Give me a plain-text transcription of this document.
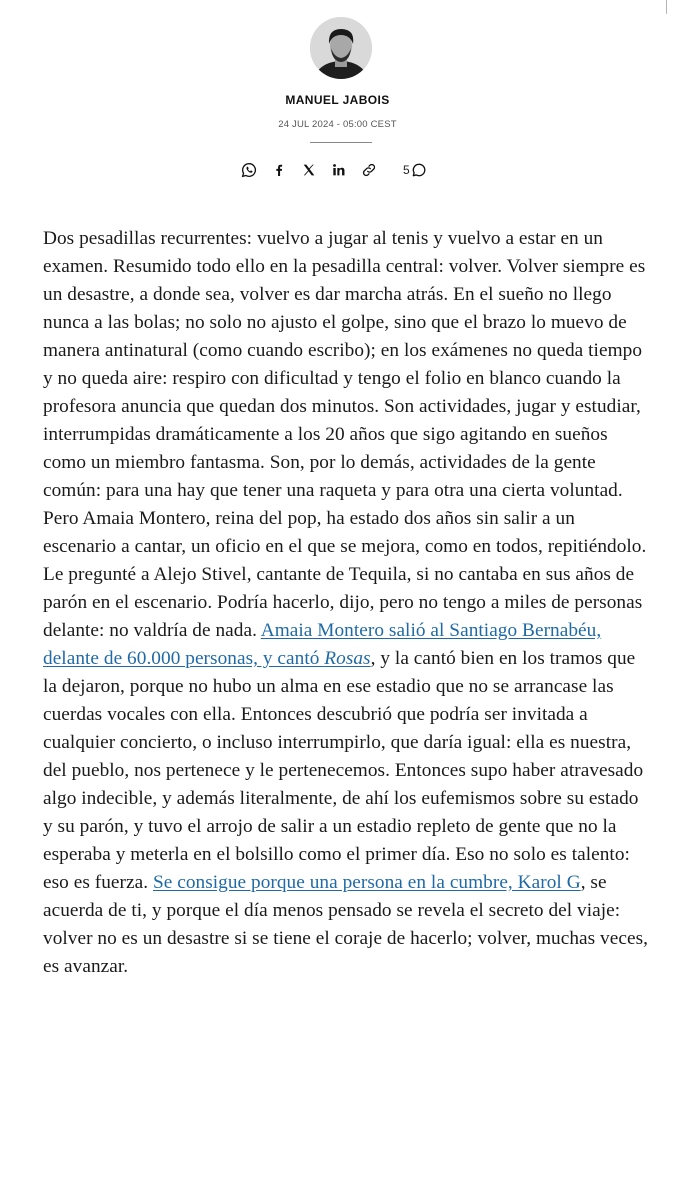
MANUEL JABOIS
24 JUL 2024 - 05:00 CEST
5

Dos pesadillas recurrentes: vuelvo a jugar al tenis y vuelvo a estar en un examen. Resumido todo ello en la pesadilla central: volver. Volver siempre es un desastre, a donde sea, volver es dar marcha atrás. En el sueño no llego nunca a las bolas; no solo no ajusto el golpe, sino que el brazo lo muevo de manera antinatural (como cuando escribo); en los exámenes no queda tiempo y no queda aire: respiro con dificultad y tengo el folio en blanco cuando la profesora anuncia que quedan dos minutos. Son actividades, jugar y estudiar, interrumpidas dramáticamente a los 20 años que sigo agitando en sueños como un miembro fantasma. Son, por lo demás, actividades de la gente común: para una hay que tener una raqueta y para otra una cierta voluntad. Pero Amaia Montero, reina del pop, ha estado dos años sin salir a un escenario a cantar, un oficio en el que se mejora, como en todos, repitiéndolo. Le pregunté a Alejo Stivel, cantante de Tequila, si no cantaba en sus años de parón en el escenario. Podría hacerlo, dijo, pero no tengo a miles de personas delante: no valdría de nada. Amaia Montero salió al Santiago Bernabéu, delante de 60.000 personas, y cantó Rosas, y la cantó bien en los tramos que la dejaron, porque no hubo un alma en ese estadio que no se arrancase las cuerdas vocales con ella. Entonces descubrió que podría ser invitada a cualquier concierto, o incluso interrumpirlo, que daría igual: ella es nuestra, del pueblo, nos pertenece y le pertenecemos. Entonces supo haber atravesado algo indecible, y además literalmente, de ahí los eufemismos sobre su estado y su parón, y tuvo el arrojo de salir a un estadio repleto de gente que no la esperaba y meterla en el bolsillo como el primer día. Eso no solo es talento: eso es fuerza. Se consigue porque una persona en la cumbre, Karol G, se acuerda de ti, y porque el día menos pensado se revela el secreto del viaje: volver no es un desastre si se tiene el coraje de hacerlo; volver, muchas veces, es avanzar.
